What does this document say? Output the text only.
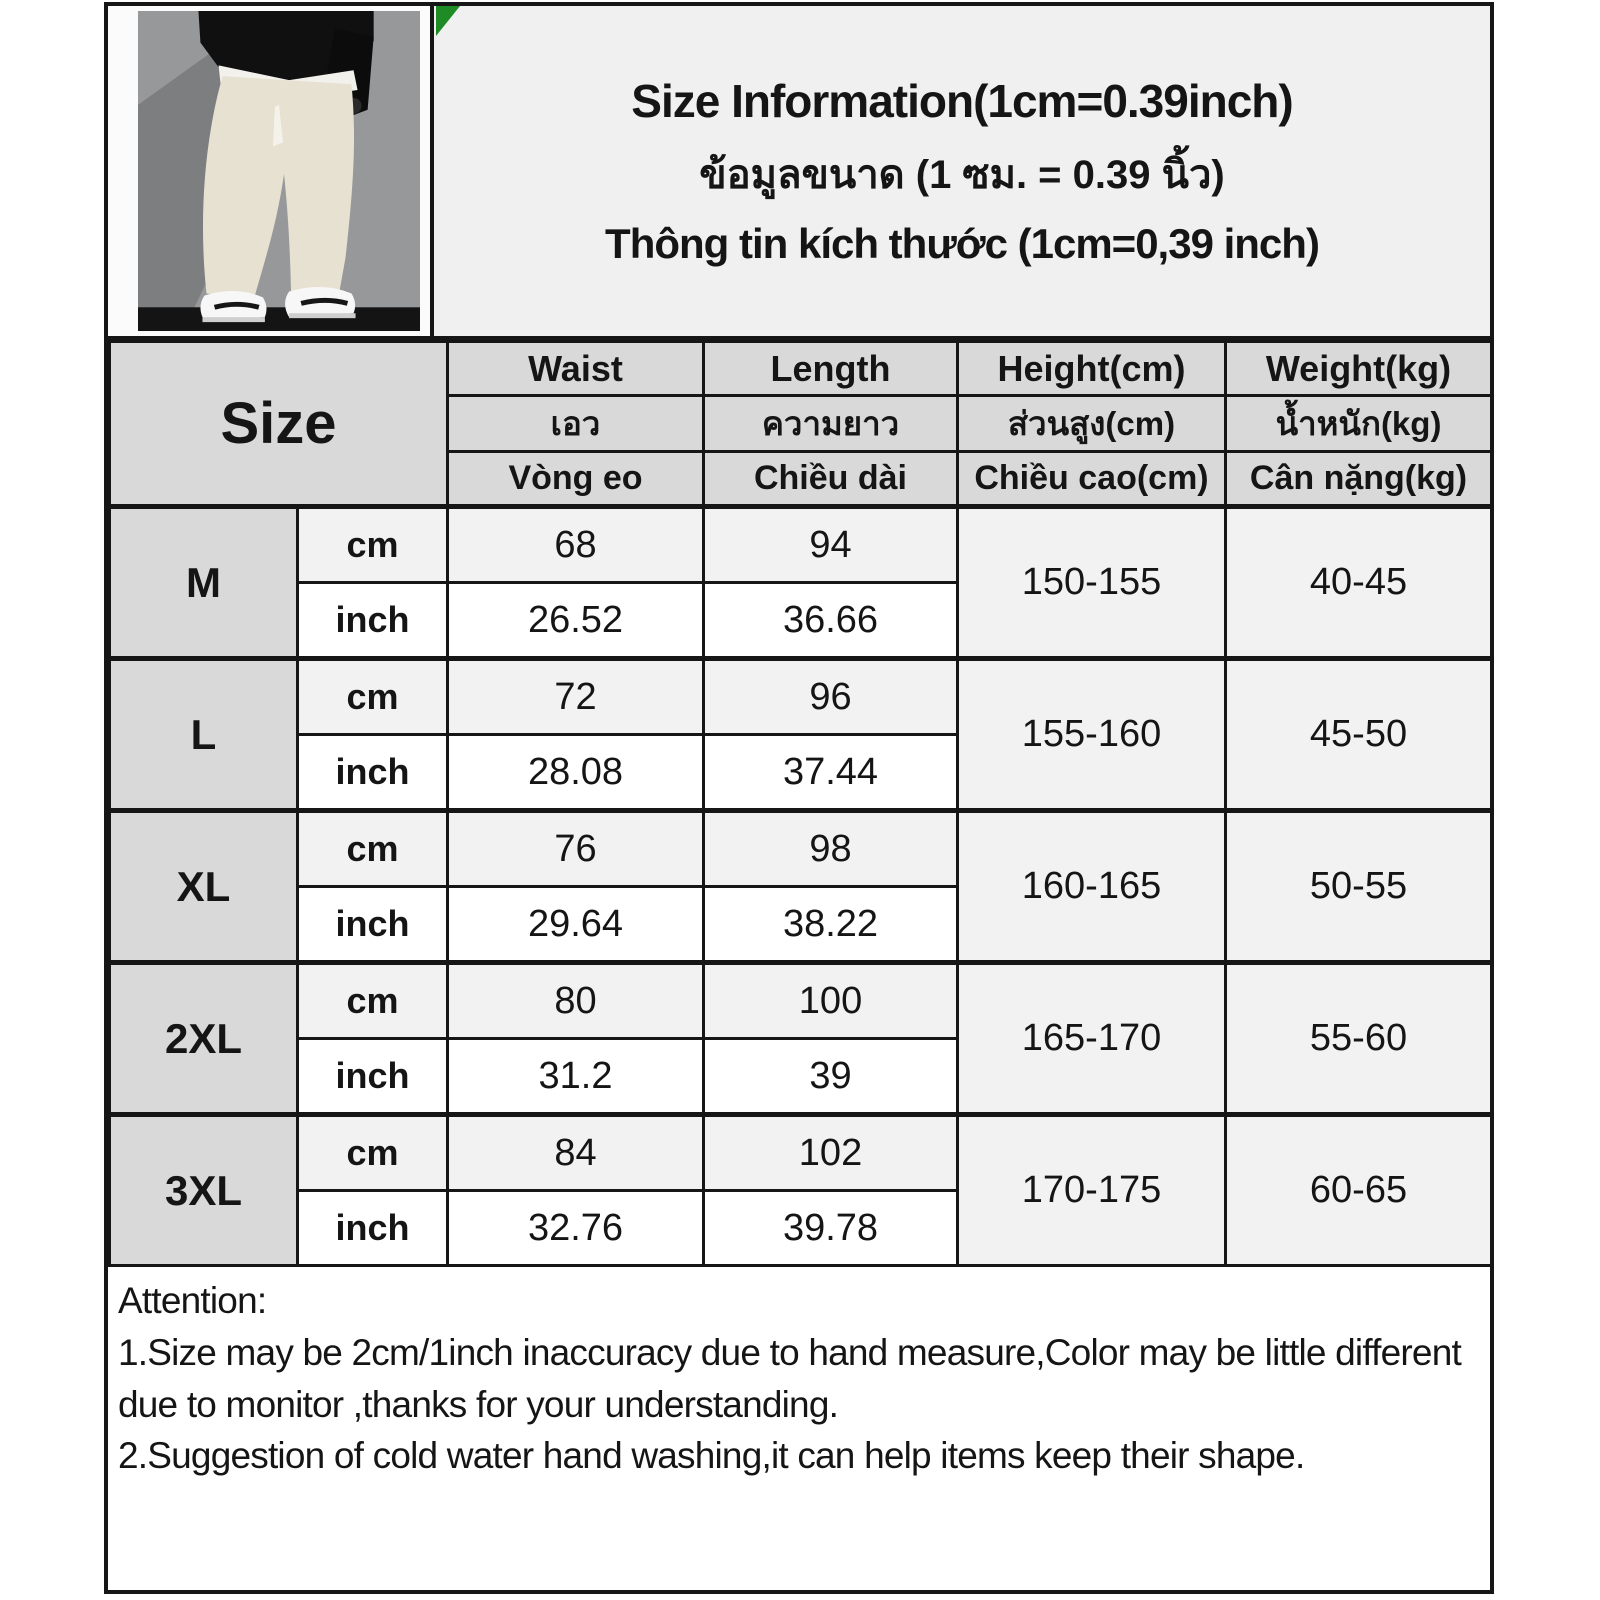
Size Information(1cm=0.39inch)
ข้อมูลขนาด (1 ซม. = 0.39 นิ้ว)
Thông tin kích thước (1cm=0,39 inch)
Size		Waist	Length	Height(cm)	Weight(kg)
		เอว	ความยาว	ส่วนสูง(cm)	น้ำหนัก(kg)
		Vòng eo	Chiều dài	Chiều cao(cm)	Cân nặng(kg)
M	cm	68	94	150-155	40-45
	inch	26.52	36.66		
L	cm	72	96	155-160	45-50
	inch	28.08	37.44		
XL	cm	76	98	160-165	50-55
	inch	29.64	38.22		
2XL	cm	80	100	165-170	55-60
	inch	31.2	39		
3XL	cm	84	102	170-175	60-65
	inch	32.76	39.78		

Attention:

1.Size may be 2cm/1inch inaccuracy due to hand measure,Color may be little different due to monitor ,thanks for your understanding.

2.Suggestion of cold water hand washing,it can help items keep their shape.
